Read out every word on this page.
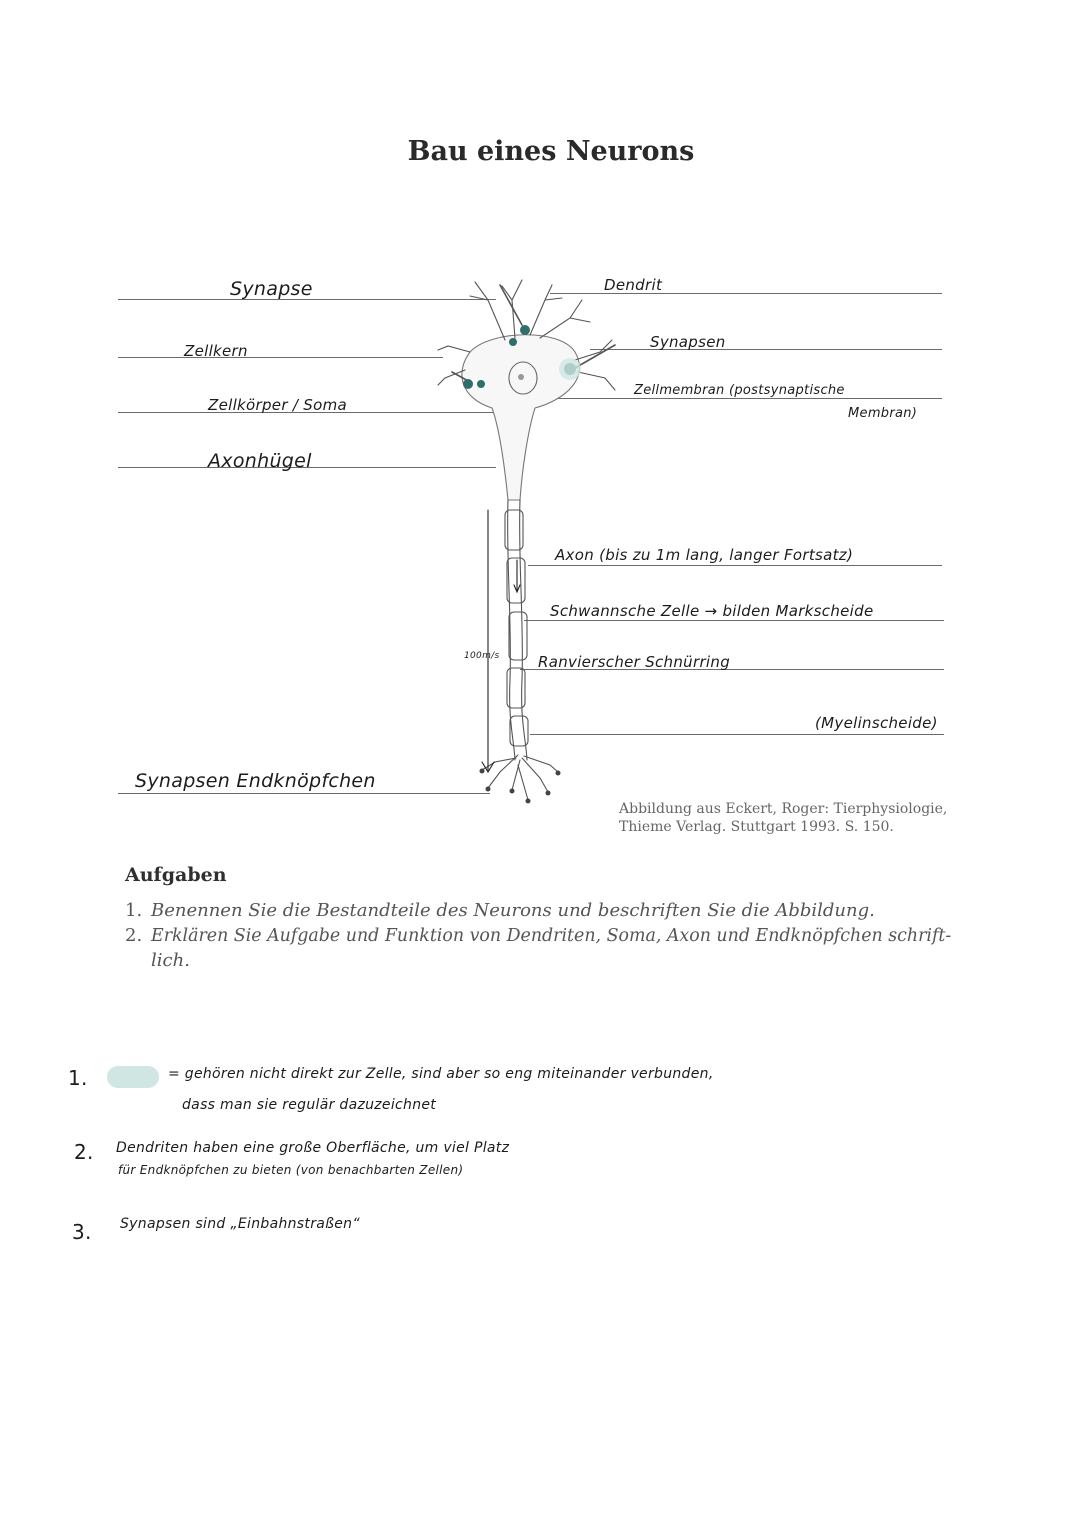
Bau eines Neurons
Synapse
Zellkern
Zellkörper / Soma
Axonhügel
Synapsen Endknöpfchen
Dendrit
Synapsen
Zellmembran (postsynaptische
Membran)
Axon (bis zu 1m lang, langer Fortsatz)
Schwannsche Zelle → bilden Markscheide
Ranvierscher Schnürring
(Myelinscheide)
100m/s
Abbildung aus Eckert, Roger: Tierphysiologie,
Thieme Verlag. Stuttgart 1993. S. 150.
Aufgaben
1. Benennen Sie die Bestandteile des Neurons und beschriften Sie die Abbildung.
2. Erklären Sie Aufgabe und Funktion von Dendriten, Soma, Axon und Endknöpfchen schrift-
lich.
1.	= gehören nicht direkt zur Zelle, sind aber so eng miteinander verbunden,
dass man sie regulär dazuzeichnet
2. Dendriten haben eine große Oberfläche, um viel Platz
für Endknöpfchen zu bieten (von benachbarten Zellen)
3. Synapsen sind „Einbahnstraßen“
